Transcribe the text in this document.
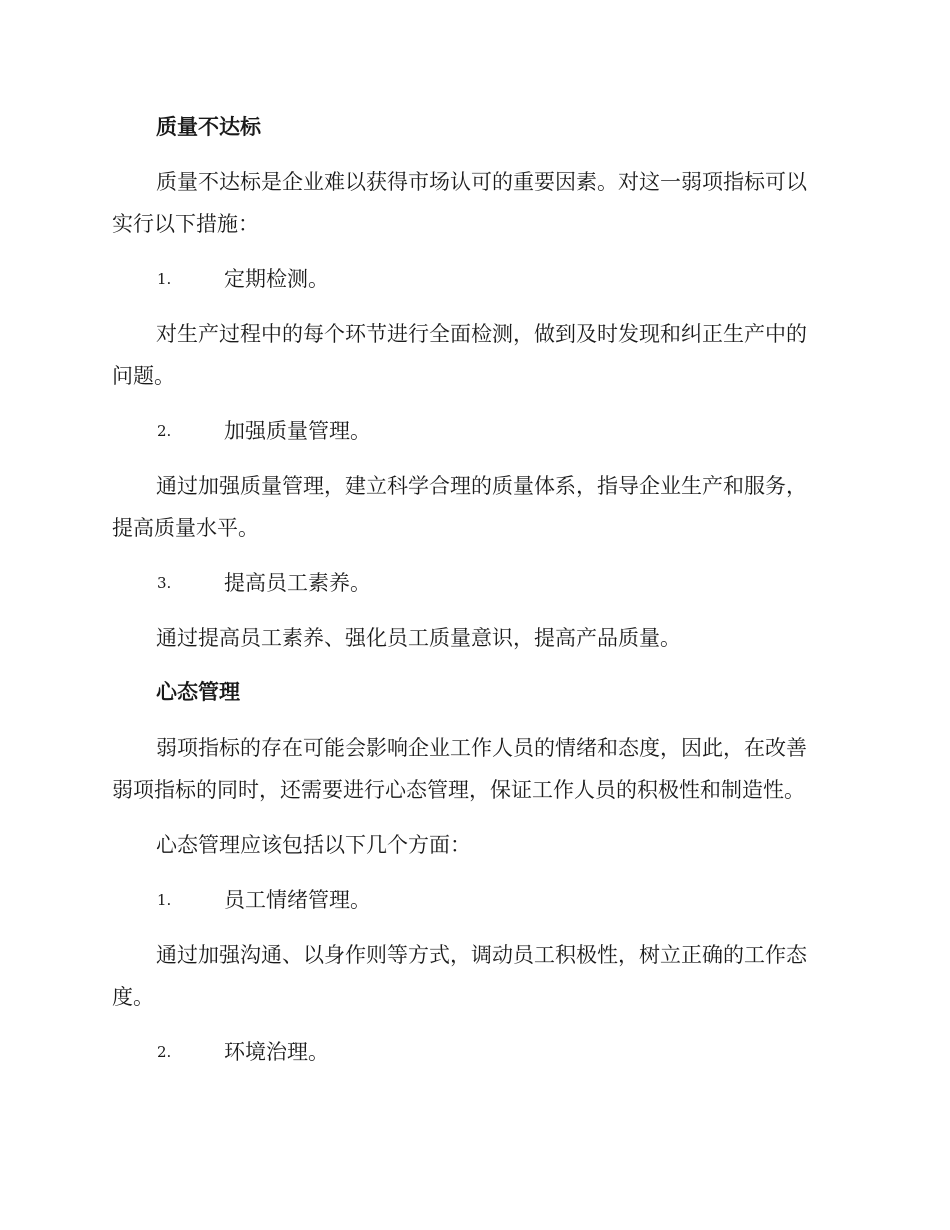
质量不达标

质量不达标是企业难以获得市场认可的重要因素。对这一弱项指标可以

实行以下措施：

1.	定期检测。

对生产过程中的每个环节进行全面检测，做到及时发现和纠正生产中的

问题。

2.	加强质量管理。

通过加强质量管理，建立科学合理的质量体系，指导企业生产和服务，

提高质量水平。

3.	提高员工素养。

通过提高员工素养、强化员工质量意识，提高产品质量。

心态管理

弱项指标的存在可能会影响企业工作人员的情绪和态度，因此，在改善

弱项指标的同时，还需要进行心态管理，保证工作人员的积极性和制造性。

心态管理应该包括以下几个方面：

1.	员工情绪管理。

通过加强沟通、以身作则等方式，调动员工积极性，树立正确的工作态

度。

2.	环境治理。
